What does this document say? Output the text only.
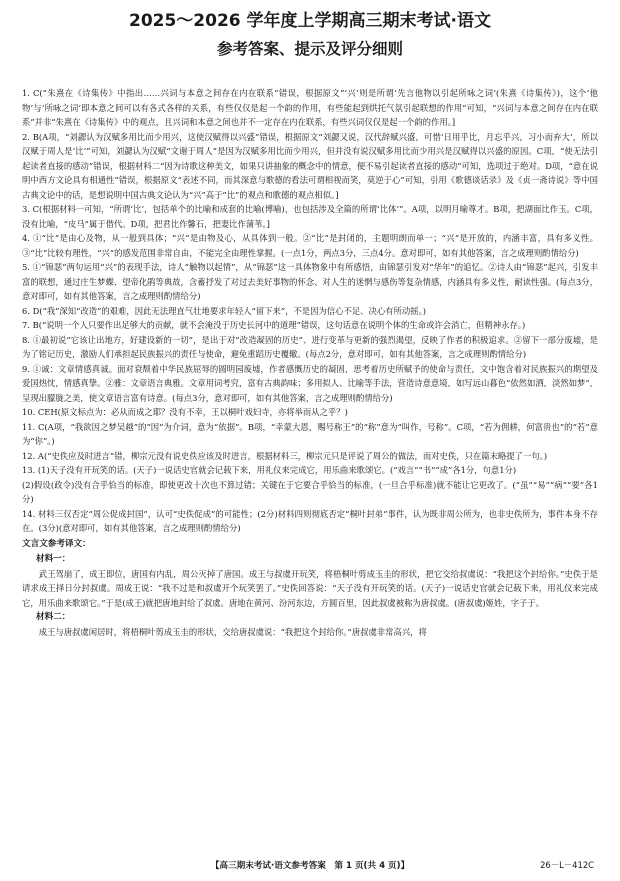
2025～2026 学年度上学期高三期末考试·语文
参考答案、提示及评分细则

1. C(“朱熹在《诗集传》中指出……兴词与本意之间存在内在联系”错误，根据原文“‘兴’则是所谓‘先言他物以引起所咏之词’(朱熹《诗集传》)，这个‘他物’与‘所咏之词’即本意之间可以有各式各样的关系，有些仅仅是起一个韵的作用，有些能起到烘托气氛引起联想的作用”可知，“兴词与本意之间存在内在联系”并非“朱熹在《诗集传》中的观点，且兴词和本意之间也并不一定存在内在联系，有些兴词仅仅是起一个韵的作用。]

2. B(A项，“刘勰认为汉赋多用比而少用兴，这使汉赋得以兴盛”错误，根据原文“刘勰又说，汉代辞赋兴盛，可惜‘日用乎比，月忘乎兴，习小而弃大’，所以汉赋于周人是‘比’”可知，刘勰认为汉赋“文谢于周人”是因为汉赋多用比而少用兴，但并没有说汉赋多用比而少用兴是汉赋得以兴盛的原因。C项，“使无法引起读者直接的感动”错误，根据材料二“因为诗歌这种美文，如果只讲抽象的概念中的情意，便不易引起读者直接的感动”可知，选项过于绝对。D项，“意在说明中西方文论具有相通性”错误，根据原文“表述不同，而其深意与歌德的看法可谓相视而笑，莫逆于心”可知，引用《歌德谈话录》及《贞一斋诗说》等中国古典文论中的话，是想说明中国古典文论认为“兴”高于“比”的观点和歌德的观点相似。]

3. C(根据材料一可知，“所谓‘比’，包括单个的比喻和成套的比喻(博喻)，也包括涉及全篇的所谓‘比体’”。A项，以明月喻尊才。B项，把湖面比作玉。C项，没有比喻，“皮马”属于借代。D项，把君比作馨石，把妻比作蒲苇。]

4. ①“比”是由心及物，从一般到具体；“兴”是由物及心，从具体到一般。②“比”是封闭的，主题明朗而单一；“兴”是开放的，内涵丰富，具有多义性。③“比”比较有理性，“兴”的感发范围非常自由，不能完全由理性掌握。(一点1分，两点3分，三点4分。意对即可，如有其他答案，言之成理则酌情给分)

5. ①“锦瑟”两句运用“兴”的表现手法，诗人“触物以起情”，从“锦瑟”这一具体物象中有所感悟，由锦瑟引发对“华年”的追忆。②诗人由“锦瑟”起兴，引发丰富的联想，通过庄生梦蝶、望帝化鹃等典故，含蓄抒发了对过去美好事物的怀念、对人生的迷惘与感伤等复杂情感，内涵具有多义性，耐读性强。(每点3分，意对即可，如有其他答案，言之成理则酌情给分)

6. D(“我”深知“改造”的艰难，因此无法理直气壮地要求年轻人“留下来”，不是因为信心不足、决心有所动摇。)

7. B(“说明一个人只要作出足够大的贡献，就不会淹没于历史长河中的道理”错误，这句话意在说明个体的生命或许会消亡，但精神永存。)

8. ①最初说“它该让出地方，好建设新的一切”，是出于对“改造凝固的历史”、进行变革与更新的强烈渴望，反映了作者的积极追求。②留下一部分废墟，是为了铭记历史，激励人们承担起民族振兴的责任与使命，避免重蹈历史覆辙。(每点2分，意对即可，如有其他答案，言之成理则酌情给分)

9. ①诚：文章情感真诚。面对衰颓着中华民族屈辱的圆明园废墟，作者感慨历史的凝固，思考着历史所赋予的使命与责任，文中饱含着对民族振兴的期望及爱国热忱，情感真挚。②雅：文章语言典雅。文章用词考究，富有古典韵味；多用拟人、比喻等手法，营造诗意意境，如写远山暮色“依然如洒，淡然如梦”，呈现出朦胧之美，使文章语言富有诗意。(每点3分，意对即可，如有其他答案，言之成理则酌情给分)

10. CEH(原文标点为：必从而成之耶？没有不幸，王以桐叶戏妇寺，亦将举而从之乎？)

11. C(A项，“我欲因之梦吴越”的“因”为介词，意为“依据”。B项，“幸蒙大恩，赐号称王”的“称”意为“叫作，号称”。C项，“若为佣耕，何富贵也”的“若”意为“你”。)

12. A(“史佚应及时进言”错，柳宗元没有说史佚应该及时进言，根据材料三，柳宗元只是评说了周公的做法，而对史佚，只在篇末略提了一句。)

13. (1)天子没有开玩笑的话。(天子)一说话史官就会记载下来，用礼仪来完成它，用乐曲来歌颂它。(“戏言”“书”“成”各1分，句意1分)

(2)假设(政令)没有合乎恰当的标准，即使更改十次也不算过错；关键在于它要合乎恰当的标准，(一旦合乎标准)就不能让它更改了。(“虽”“易”“病”“要”各1分)

14. 材料三仅否定“周公促成封国”，认可“史佚促成”的可能性；(2分)材料四则彻底否定“桐叶封弟”事件，认为既非周公所为，也非史佚所为，事件本身不存在。(3分)(意对即可，如有其他答案，言之成理则酌情给分)

文言文参考译文：
材料一：

武王驾崩了，成王即位，唐国有内乱，周公灭掉了唐国。成王与叔虞开玩笑，将梧桐叶剪成玉圭的形状，把它交给叔虞说：“我把这个封给你。”史佚于是请求成王择日分封叔虞。周成王说：“我不过是和叔虞开个玩笑罢了。”史佚回答说：“天子没有开玩笑的话。(天子)一说话史官就会记载下来，用礼仪来完成它，用乐曲来歌颂它。”于是(成王)就把唐地封给了叔虞。唐地在黄河、汾河东边，方圆百里，因此叔虞被称为唐叔虞。(唐叔虞)姬姓，字子于。

材料二：

成王与唐叔虞闲居时，将梧桐叶剪成玉圭的形状，交给唐叔虞说：“我把这个封给你。”唐叔虞非常高兴，将

【高三期末考试·语文参考答案　第 1 页(共 4 页)】	26－L－412C
